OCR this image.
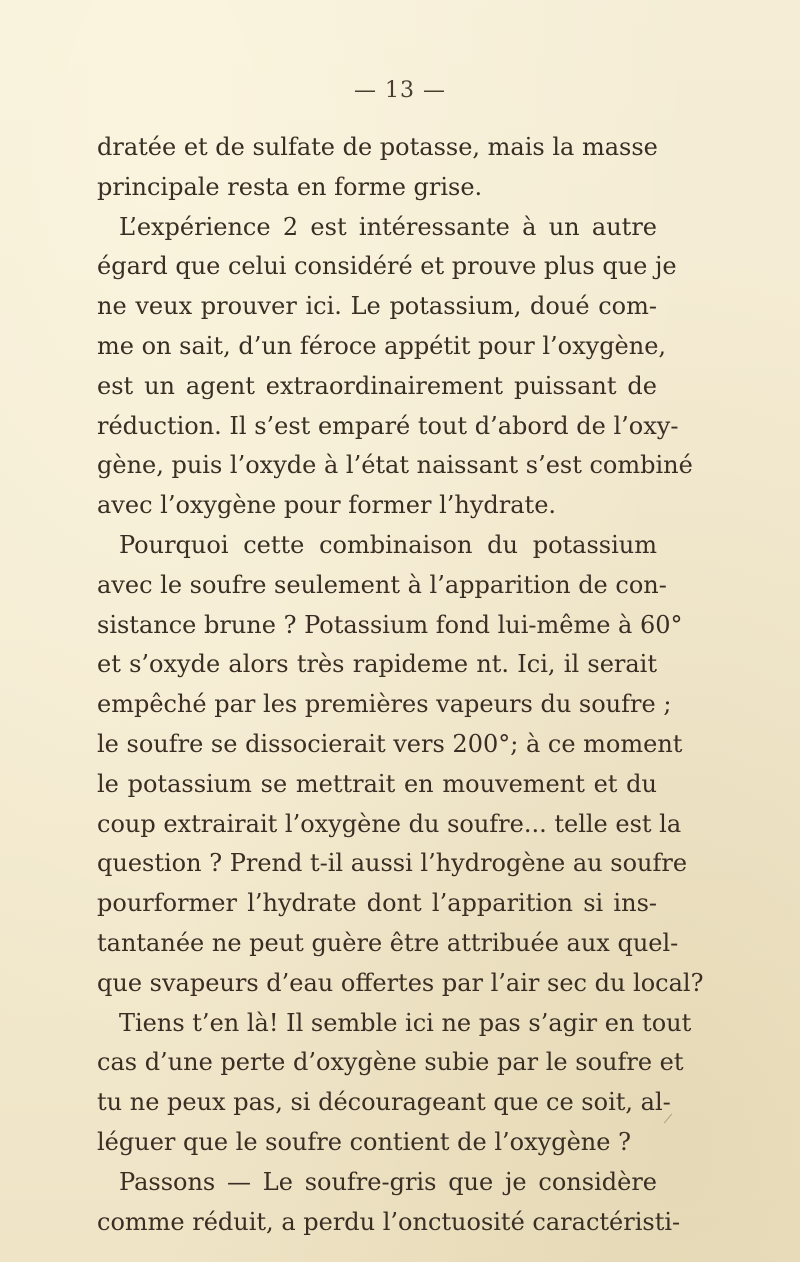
— 13 —
dratée et de sulfate de potasse, mais la masse
principale resta en forme grise.
L’expérience 2 est intéressante à un autre
égard que celui considéré et prouve plus que je
ne veux prouver ici. Le potassium, doué com-
me on sait, d’un féroce appétit pour l’oxygène,
est un agent extraordinairement puissant de
réduction. Il s’est emparé tout d’abord de l’oxy-
gène, puis l’oxyde à l’état naissant s’est combiné
avec l’oxygène pour former l’hydrate.
Pourquoi cette combinaison du potassium
avec le soufre seulement à l’apparition de con-
sistance brune ? Potassium fond lui-même à 60°
et s’oxyde alors très rapideme nt. Ici, il serait
empêché par les premières vapeurs du soufre ;
le soufre se dissocierait vers 200°; à ce moment
le potassium se mettrait en mouvement et du
coup extrairait l’oxygène du soufre... telle est la
question ? Prend t-il aussi l’hydrogène au soufre
pourformer l’hydrate dont l’apparition si ins-
tantanée ne peut guère être attribuée aux quel-
que svapeurs d’eau offertes par l’air sec du local?
Tiens t’en là! Il semble ici ne pas s’agir en tout
cas d’une perte d’oxygène subie par le soufre et
tu ne peux pas, si décourageant que ce soit, al-
léguer que le soufre contient de l’oxygène ?
Passons — Le soufre-gris que je considère
comme réduit, a perdu l’onctuosité caractéristi-
